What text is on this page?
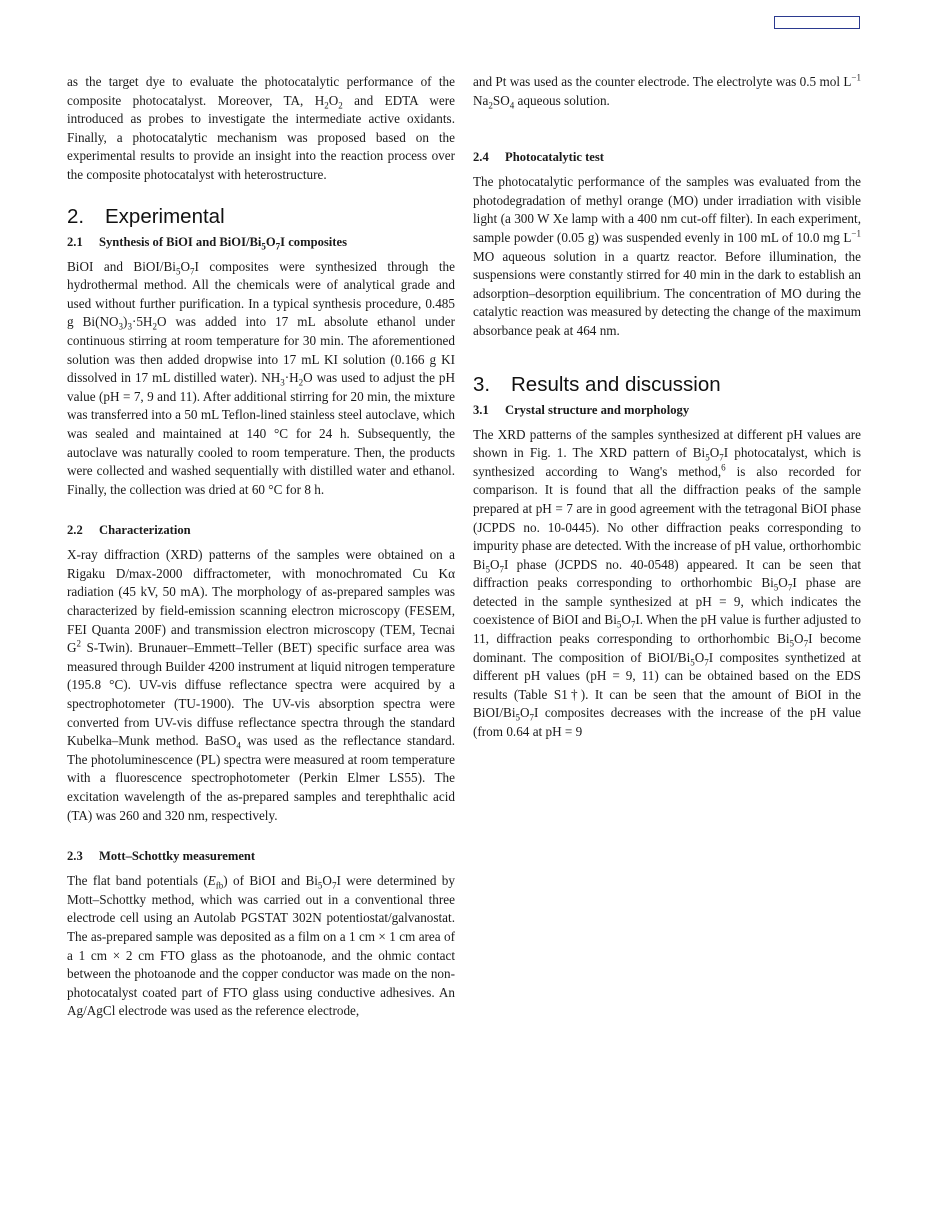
as the target dye to evaluate the photocatalytic performance of the composite photocatalyst. Moreover, TA, $H_2O_2$ and EDTA were introduced as probes to investigate the intermediate active oxidants. Finally, a photocatalytic mechanism was proposed based on the experimental results to provide an insight into the reaction process over the composite photocatalyst with heterostructure.

2. Experimental
2.1 Synthesis of BiOI and BiOI/$Bi_5O_7I$ composites

BiOI and BiOI/$Bi_5O_7I$ composites were synthesized through the hydrothermal method. All the chemicals were of analytical grade and used without further purification. In a typical synthesis procedure, 0.485 g $Bi(NO_3)_3\cdot 5H_2O$ was added into 17 mL absolute ethanol under continuous stirring at room temperature for 30 min. The aforementioned solution was then added dropwise into 17 mL KI solution (0.166 g KI dissolved in 17 mL distilled water). $NH_3\cdot H_2O$ was used to adjust the pH value (pH = 7, 9 and 11). After additional stirring for 20 min, the mixture was transferred into a 50 mL Teflon-lined stainless steel autoclave, which was sealed and maintained at 140 °C for 24 h. Subsequently, the autoclave was naturally cooled to room temperature. Then, the products were collected and washed sequentially with distilled water and ethanol. Finally, the collection was dried at 60 °C for 8 h.

2.2 Characterization

X-ray diffraction (XRD) patterns of the samples were obtained on a Rigaku D/max-2000 diffractometer, with monochromated Cu Kα radiation (45 kV, 50 mA). The morphology of as-prepared samples was characterized by field-emission scanning electron microscopy (FESEM, FEI Quanta 200F) and transmission electron microscopy (TEM, Tecnai $G^2$ S-Twin). Brunauer–Emmett–Teller (BET) specific surface area was measured through Builder 4200 instrument at liquid nitrogen temperature (195.8 °C). UV-vis diffuse reflectance spectra were acquired by a spectrophotometer (TU-1900). The UV-vis absorption spectra were converted from UV-vis diffuse reflectance spectra through the standard Kubelka–Munk method. BaSO$_4$ was used as the reflectance standard. The photoluminescence (PL) spectra were measured at room temperature with a fluorescence spectrophotometer (Perkin Elmer LS55). The excitation wavelength of the as-prepared samples and terephthalic acid (TA) was 260 and 320 nm, respectively.

2.3 Mott–Schottky measurement

The flat band potentials $(E_{fb})$ of BiOI and $Bi_5O_7I$ were determined by Mott–Schottky method, which was carried out in a conventional three electrode cell using an Autolab PGSTAT 302N potentiostat/galvanostat. The as-prepared sample was deposited as a film on a 1 cm × 1 cm area of a 1 cm × 2 cm FTO glass as the photoanode, and the ohmic contact between the photoanode and the copper conductor was made on the non-photocatalyst coated part of FTO glass using conductive adhesives. An Ag/AgCl electrode was used as the reference electrode,

and Pt was used as the counter electrode. The electrolyte was 0.5 mol $L^{-1}$ $Na_2SO_4$ aqueous solution.

2.4 Photocatalytic test

The photocatalytic performance of the samples was evaluated from the photodegradation of methyl orange (MO) under irradiation with visible light (a 300 W Xe lamp with a 400 nm cut-off filter). In each experiment, sample powder (0.05 g) was suspended evenly in 100 mL of 10.0 mg $L^{-1}$ MO aqueous solution in a quartz reactor. Before illumination, the suspensions were constantly stirred for 40 min in the dark to establish an adsorption–desorption equilibrium. The concentration of MO during the catalytic reaction was measured by detecting the change of the maximum absorbance peak at 464 nm.

3. Results and discussion
3.1 Crystal structure and morphology

The XRD patterns of the samples synthesized at different pH values are shown in Fig. 1. The XRD pattern of $Bi_5O_7I$ photocatalyst, which is synthesized according to Wang's method,$^6$ is also recorded for comparison. It is found that all the diffraction peaks of the sample prepared at pH = 7 are in good agreement with the tetragonal BiOI phase (JCPDS no. 10-0445). No other diffraction peaks corresponding to impurity phase are detected. With the increase of pH value, orthorhombic $Bi_5O_7I$ phase (JCPDS no. 40-0548) appeared. It can be seen that diffraction peaks corresponding to orthorhombic $Bi_5O_7I$ phase are detected in the sample synthesized at pH = 9, which indicates the coexistence of BiOI and $Bi_5O_7I$. When the pH value is further adjusted to 11, diffraction peaks corresponding to orthorhombic $Bi_5O_7I$ become dominant. The composition of BiOI/$Bi_5O_7I$ composites synthetized at different pH values (pH = 9, 11) can be obtained based on the EDS results (Table S1†). It can be seen that the amount of BiOI in the BiOI/$Bi_5O_7I$ composites decreases with the increase of the pH value (from 0.64 at pH = 9
